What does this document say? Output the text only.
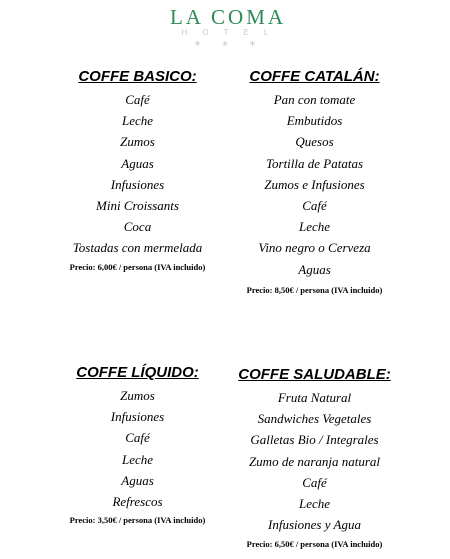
LA COMA
HOTEL
***
COFFE BASICO:
Café
Leche
Zumos
Aguas
Infusiones
Mini Croissants
Coca
Tostadas con mermelada
Precio: 6,00€ / persona (IVA incluido)
COFFE CATALÁN:
Pan con tomate
Embutidos
Quesos
Tortilla de Patatas
Zumos e Infusiones
Café
Leche
Vino negro o Cerveza
Aguas
Precio: 8,50€ / persona (IVA incluido)
COFFE LÍQUIDO:
Zumos
Infusiones
Café
Leche
Aguas
Refrescos
Precio: 3,50€ / persona (IVA incluido)
COFFE SALUDABLE:
Fruta Natural
Sandwiches Vegetales
Galletas Bio / Integrales
Zumo de naranja natural
Café
Leche
Infusiones y Agua
Precio: 6,50€ / persona (IVA incluido)
